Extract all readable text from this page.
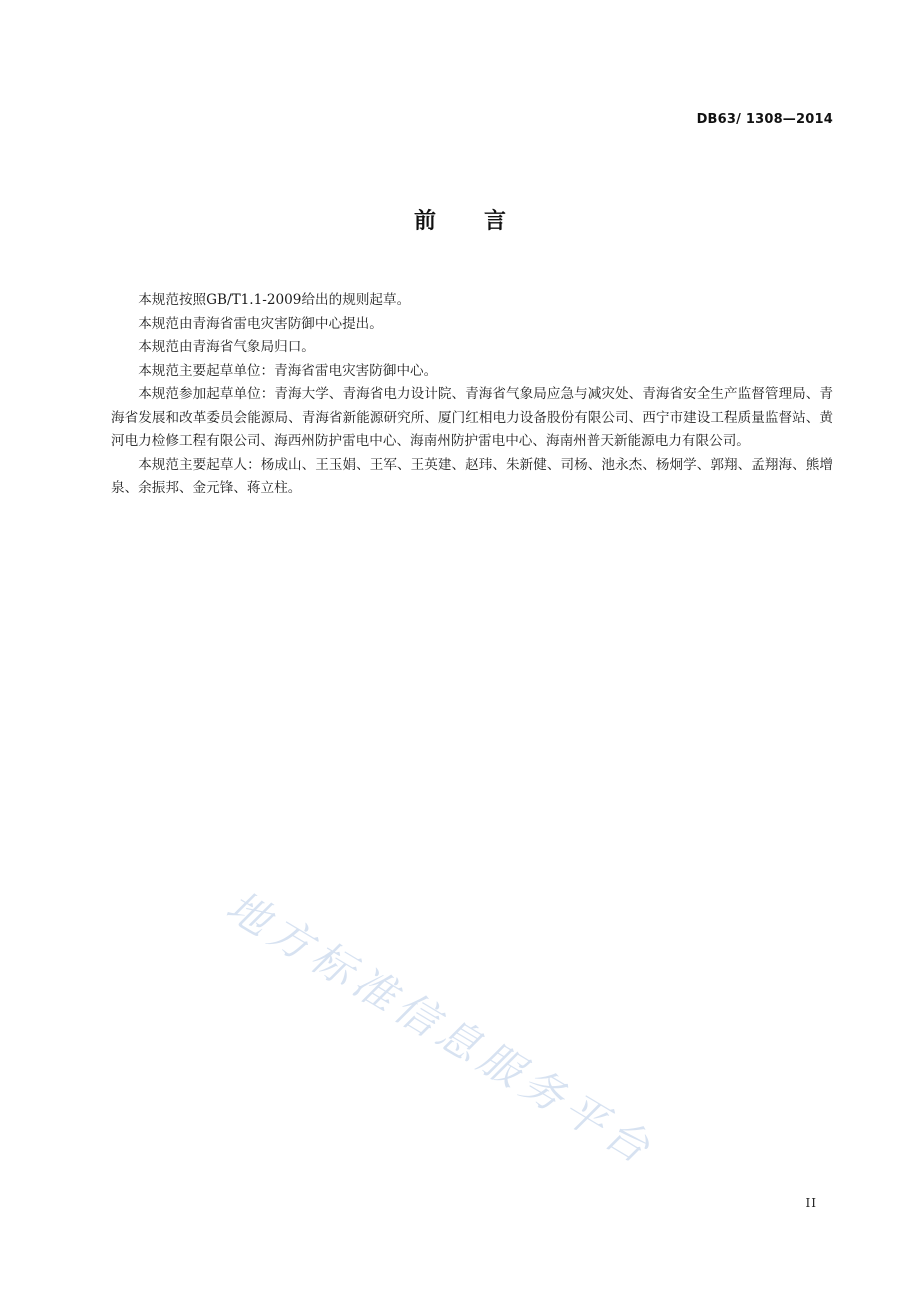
DB63/ 1308—2014
前 言

本规范按照GB/T1.1-2009给出的规则起草。

本规范由青海省雷电灾害防御中心提出。

本规范由青海省气象局归口。

本规范主要起草单位：青海省雷电灾害防御中心。

本规范参加起草单位：青海大学、青海省电力设计院、青海省气象局应急与减灾处、青海省安全生产监督管理局、青海省发展和改革委员会能源局、青海省新能源研究所、厦门红相电力设备股份有限公司、西宁市建设工程质量监督站、黄河电力检修工程有限公司、海西州防护雷电中心、海南州防护雷电中心、海南州普天新能源电力有限公司。

本规范主要起草人：杨成山、王玉娟、王军、王英建、赵玮、朱新健、司杨、池永杰、杨炯学、郭翔、孟翔海、熊增泉、余振邦、金元锋、蒋立柱。

地方标准信息服务平台
II
